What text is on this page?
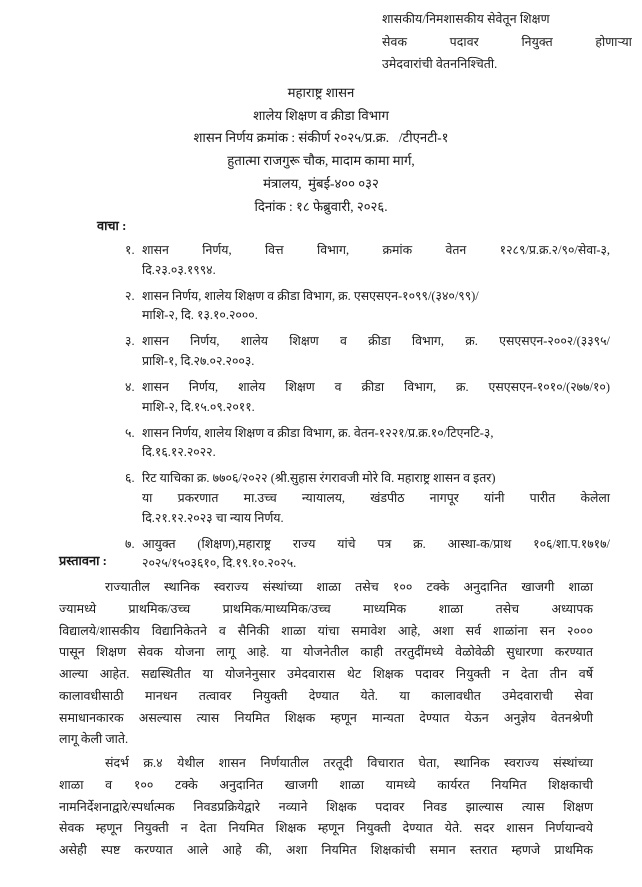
शासकीय/निमशासकीय सेवेतून शिक्षण
सेवक पदावर नियुक्त होणाऱ्या
उमेदवारांची वेतननिश्चिती.
महाराष्ट्र शासन
शालेय शिक्षण व क्रीडा विभाग
शासन निर्णय क्रमांक : संकीर्ण २०२५/प्र.क्र.   /टीएनटी-१
हुतात्मा राजगुरू चौक, मादाम कामा मार्ग,
मंत्रालय,  मुंबई-४०० ०३२
दिनांक : १८ फेब्रुवारी, २०२६.
वाचा :
१. शासन निर्णय, वित्त विभाग, क्रमांक वेतन १२८९/प्र.क्र.२/९०/सेवा-३,
दि.२३.०३.१९९४.
२. शासन निर्णय, शालेय शिक्षण व क्रीडा विभाग, क्र. एसएसएन-१०९९/(३४०/९९)/
माशि-२, दि. १३.१०.२०००.
३. शासन निर्णय, शालेय शिक्षण व क्रीडा विभाग, क्र. एसएसएन-२००२/(३३९५/
प्राशि-१, दि.२७.०२.२००३.
४. शासन निर्णय, शालेय शिक्षण व क्रीडा विभाग, क्र. एसएसएन-१०१०/(२७७/१०)
माशि-२, दि.१५.०९.२०११.
५. शासन निर्णय, शालेय शिक्षण व क्रीडा विभाग, क्र. वेतन-१२२१/प्र.क्र.१०/टिएनटि-३,
दि.१६.१२.२०२२.
६. रिट याचिका क्र. ७७०६/२०२२ (श्री.सुहास रंगरावजी मोरे वि. महाराष्ट्र शासन व इतर)
या प्रकरणात मा.उच्च न्यायालय, खंडपीठ नागपूर यांनी पारीत केलेला
दि.२१.१२.२०२३ चा न्याय निर्णय.
७. आयुक्त (शिक्षण),महाराष्ट्र राज्य यांचे पत्र क्र. आस्था-क/प्राथ १०६/शा.प.१७१७/
२०२५/१५०३६१०, दि.१९.१०.२०२५.
प्रस्तावना :
राज्यातील स्थानिक स्वराज्य संस्थांच्या शाळा तसेच १०० टक्के अनुदानित खाजगी शाळा
ज्यामध्ये प्राथमिक/उच्च प्राथमिक/माध्यमिक/उच्च माध्यमिक शाळा तसेच अध्यापक
विद्यालये/शासकीय विद्यानिकेतने व सैनिकी शाळा यांचा समावेश आहे, अशा सर्व शाळांना सन २०००
पासून शिक्षण सेवक योजना लागू आहे. या योजनेतील काही तरतुदींमध्ये वेळोवेळी सुधारणा करण्यात
आल्या आहेत. सद्यस्थितीत या योजनेनुसार उमेदवारास थेट शिक्षक पदावर नियुक्ती न देता तीन वर्षे
कालावधीसाठी मानधन तत्वावर नियुक्ती देण्यात येते. या कालावधीत उमेदवाराची सेवा
समाधानकारक असल्यास त्यास नियमित शिक्षक म्हणून मान्यता देण्यात येऊन अनुज्ञेय वेतनश्रेणी
लागू केली जाते.
संदर्भ क्र.४ येथील शासन निर्णयातील तरतूदी विचारात घेता, स्थानिक स्वराज्य संस्थांच्या
शाळा व १०० टक्के अनुदानित खाजगी शाळा यामध्ये कार्यरत नियमित शिक्षकाची
नामनिर्देशनाद्वारे/स्पर्धात्मक निवडप्रक्रियेद्वारे नव्याने शिक्षक पदावर निवड झाल्यास त्यास शिक्षण
सेवक म्हणून नियुक्ती न देता नियमित शिक्षक म्हणून नियुक्ती देण्यात येते. सदर शासन निर्णयान्वये
असेही स्पष्ट करण्यात आले आहे की, अशा नियमित शिक्षकांची समान स्तरात म्हणजे प्राथमिक
